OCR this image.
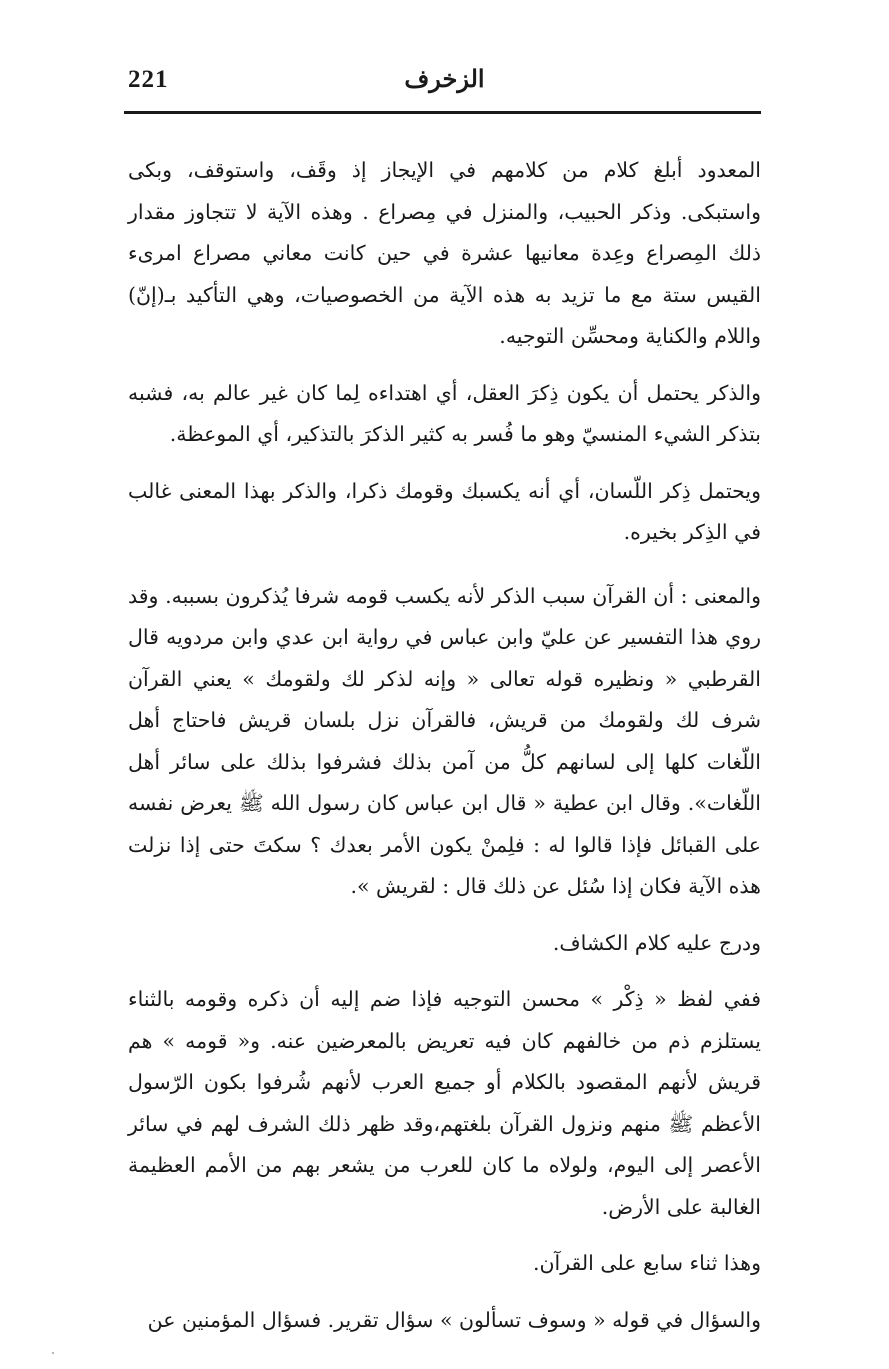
221	الزخرف

المعدود أبلغ كلام من كلامهم في الإيجاز إذ وقَف، واستوقف، وبكى واستبكى. وذكر الحبيب، والمنزل في مِصراع . وهذه الآية لا تتجاوز مقدار ذلك المِصراع وعِدة معانيها عشرة في حين كانت معاني مصراع امرىء القيس ستة مع ما تزيد به هذه الآية من الخصوصيات، وهي التأكيد بـ(إنّ) واللام والكناية ومحسِّن التوجيه.

والذكر يحتمل أن يكون ذِكرَ العقل، أي اهتداءه لِما كان غير عالم به، فشبه بتذكر الشيء المنسيّ وهو ما فُسر به كثير الذكرَ بالتذكير، أي الموعظة.

ويحتمل ذِكر اللّسان، أي أنه يكسبك وقومك ذكرا، والذكر بهذا المعنى غالب في الذِكر بخيره.

والمعنى : أن القرآن سبب الذكر لأنه يكسب قومه شرفا يُذكرون بسببه. وقد روي هذا التفسير عن عليّ وابن عباس في رواية ابن عدي وابن مردويه قال القرطبي « ونظيره قوله تعالى « وإنه لذكر لك ولقومك » يعني القرآن شرف لك ولقومك من قريش، فالقرآن نزل بلسان قريش فاحتاج أهل اللّغات كلها إلى لسانهم كلُّ من آمن بذلك فشرفوا بذلك على سائر أهل اللّغات». وقال ابن عطية « قال ابن عباس كان رسول الله ﷺ يعرض نفسه على القبائل فإذا قالوا له : فلِمنْ يكون الأمر بعدك ؟ سكتَ حتى إذا نزلت هذه الآية فكان إذا سُئل عن ذلك قال : لقريش ».

ودرج عليه كلام الكشاف.

ففي لفظ « ذِكْر » محسن التوجيه فإذا ضم إليه أن ذكره وقومه بالثناء يستلزم ذم من خالفهم كان فيه تعريض بالمعرضين عنه. و« قومه » هم قريش لأنهم المقصود بالكلام أو جميع العرب لأنهم شُرفوا بكون الرّسول الأعظم ﷺ منهم ونزول القرآن بلغتهم،وقد ظهر ذلك الشرف لهم في سائر الأعصر إلى اليوم، ولولاه ما كان للعرب من يشعر بهم من الأمم العظيمة الغالبة على الأرض.

وهذا ثناء سابع على القرآن.

والسؤال في قوله « وسوف تسألون » سؤال تقرير. فسؤال المؤمنين عن
